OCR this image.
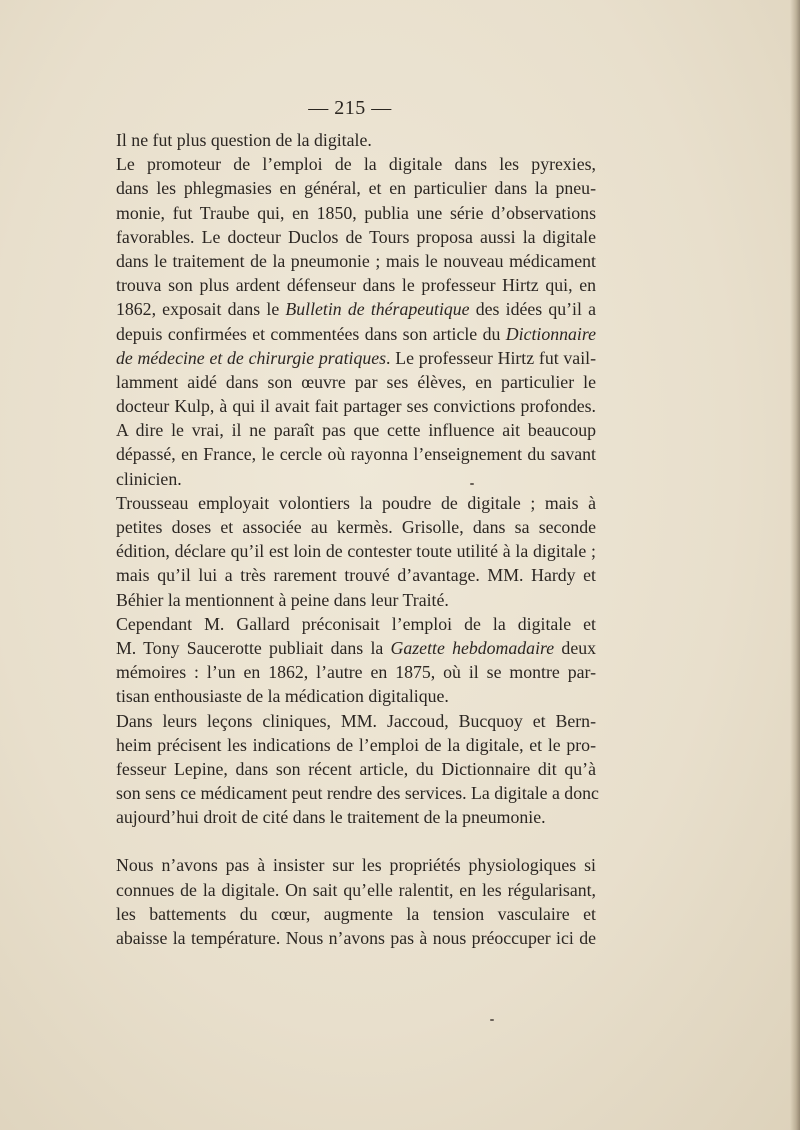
— 215 —
Il ne fut plus question de la digitale.
Le promoteur de l’emploi de la digitale dans les pyrexies,
dans les phlegmasies en général, et en particulier dans la pneu-
monie, fut Traube qui, en 1850, publia une série d’observations
favorables. Le docteur Duclos de Tours proposa aussi la digitale
dans le traitement de la pneumonie ; mais le nouveau médicament
trouva son plus ardent défenseur dans le professeur Hirtz qui, en
1862, exposait dans le Bulletin de thérapeutique des idées qu’il a
depuis confirmées et commentées dans son article du Dictionnaire
de médecine et de chirurgie pratiques. Le professeur Hirtz fut vail-
lamment aidé dans son œuvre par ses élèves, en particulier le
docteur Kulp, à qui il avait fait partager ses convictions profondes.
A dire le vrai, il ne paraît pas que cette influence ait beaucoup
dépassé, en France, le cercle où rayonna l’enseignement du savant
clinicien.
Trousseau employait volontiers la poudre de digitale ; mais à
petites doses et associée au kermès. Grisolle, dans sa seconde
édition, déclare qu’il est loin de contester toute utilité à la digitale ;
mais qu’il lui a très rarement trouvé d’avantage. MM. Hardy et
Béhier la mentionnent à peine dans leur Traité.
Cependant M. Gallard préconisait l’emploi de la digitale et
M. Tony Saucerotte publiait dans la Gazette hebdomadaire deux
mémoires : l’un en 1862, l’autre en 1875, où il se montre par-
tisan enthousiaste de la médication digitalique.
Dans leurs leçons cliniques, MM. Jaccoud, Bucquoy et Bern-
heim précisent les indications de l’emploi de la digitale, et le pro-
fesseur Lepine, dans son récent article, du Dictionnaire dit qu’à
son sens ce médicament peut rendre des services. La digitale a donc
aujourd’hui droit de cité dans le traitement de la pneumonie.
Nous n’avons pas à insister sur les propriétés physiologiques si
connues de la digitale. On sait qu’elle ralentit, en les régularisant,
les battements du cœur, augmente la tension vasculaire et
abaisse la température. Nous n’avons pas à nous préoccuper ici de
